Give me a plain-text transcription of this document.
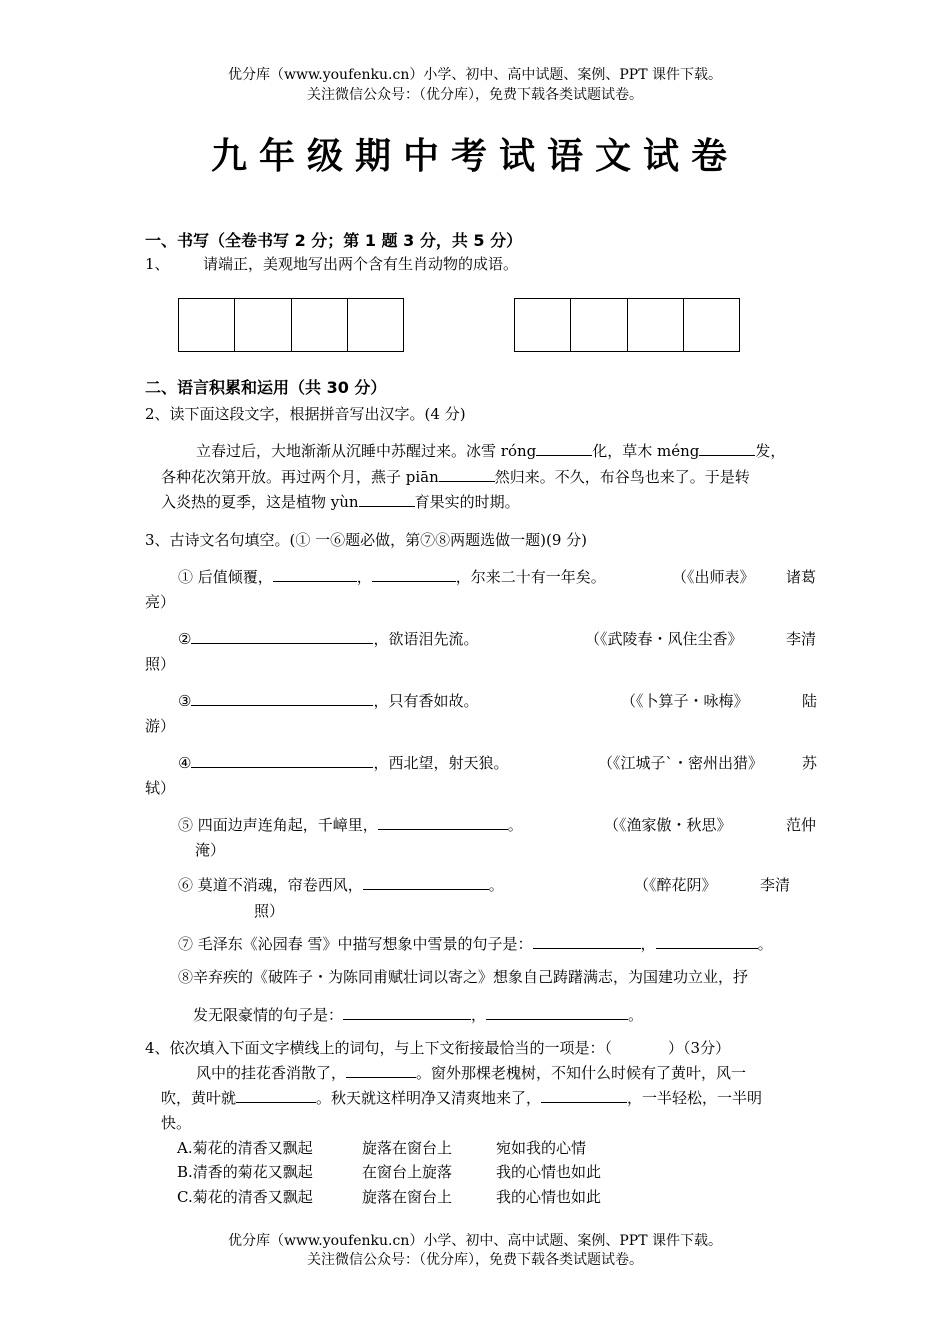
优分库（www.youfenku.cn）小学、初中、高中试题、案例、PPT 课件下载。
关注微信公众号：（优分库），免费下载各类试题试卷。
九年级期中考试语文试卷
一、书写（全卷书写 2 分；第 1 题 3 分，共 5 分）
1、 请端正，美观地写出两个含有生肖动物的成语。
二、语言积累和运用（共 30 分）
2、读下面这段文字，根据拼音写出汉字。(4 分)
立春过后，大地渐渐从沉睡中苏醒过来。冰雪 róng	化，草木 méng	发，
各种花次第开放。再过两个月，燕子 piān	然归来。不久，布谷鸟也来了。于是转
入炎热的夏季，这是植物 yùn	育果实的时期。
3、古诗文名句填空。(① 一⑥题必做，第⑦⑧两题选做一题)(9 分)
① 后值倾覆，	，	，尔来二十有一年矣。	（《出师表》 诸葛
亮）
②	，欲语泪先流。	（《武陵春・风住尘香》	李清
照）
③	，只有香如故。	（《卜算子・咏梅》	陆
游）
④	，西北望，射天狼。	（《江城子`・密州出猎》	苏
轼）
⑤ 四面边声连角起，千嶂里，	。	（《渔家傲・秋思》	范仲
淹）
⑥ 莫道不消魂，帘卷西风，	。	（《醉花阴》	李清
照）
⑦ 毛泽东《沁园春 雪》中描写想象中雪景的句子是：	，	。
⑧辛弃疾的《破阵子・为陈同甫赋壮词以寄之》想象自己踌躇满志，为国建功立业，抒
发无限豪情的句子是：	，	。
4、依次填入下面文字横线上的词句，与上下文衔接最恰当的一项是：（	）（3分）
风中的挂花香消散了，	。窗外那棵老槐树，不知什么时候有了黄叶，风一
吹，黄叶就	。秋天就这样明净又清爽地来了，	，一半轻松，一半明
快。
A.菊花的清香又飘起	旋落在窗台上	宛如我的心情
B.清香的菊花又飘起	在窗台上旋落	我的心情也如此
C.菊花的清香又飘起	旋落在窗台上	我的心情也如此
优分库（www.youfenku.cn）小学、初中、高中试题、案例、PPT 课件下载。
关注微信公众号：（优分库），免费下载各类试题试卷。
